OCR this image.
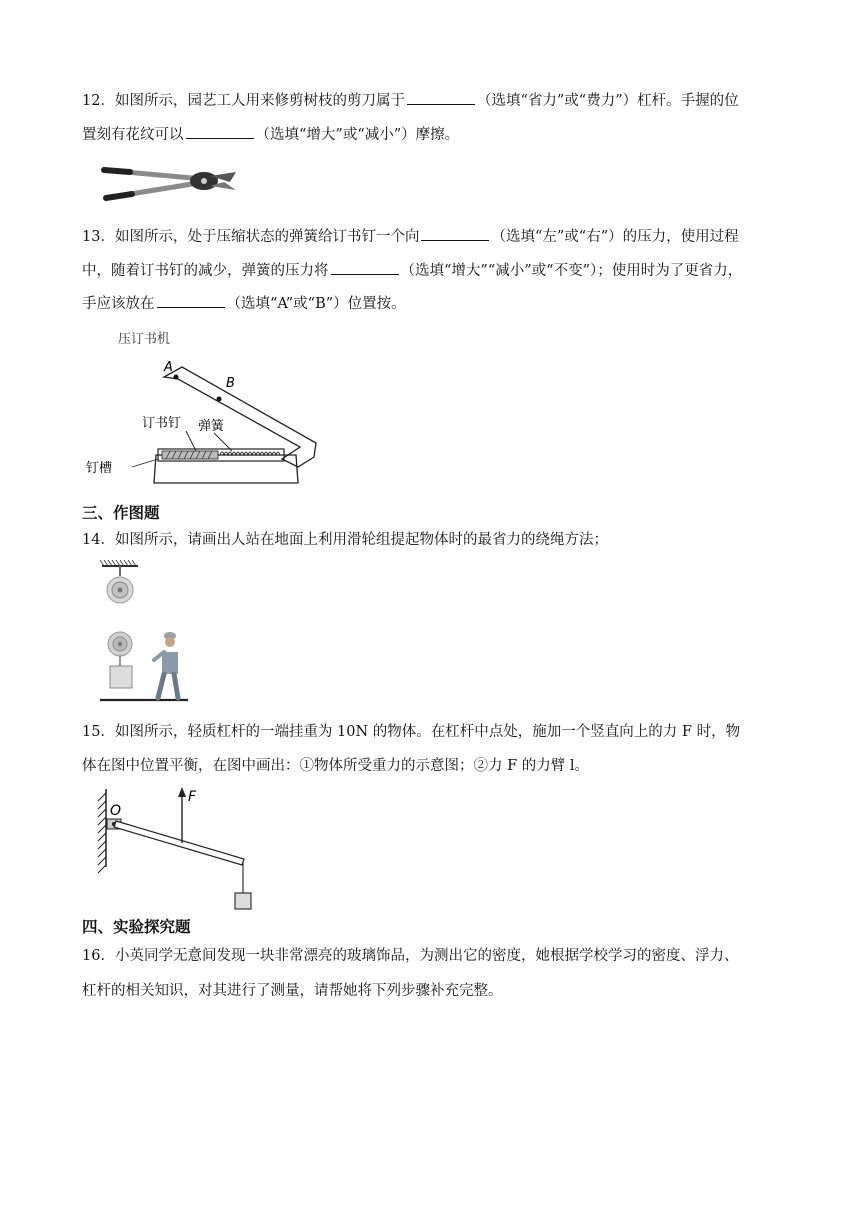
12．如图所示，园艺工人用来修剪树枝的剪刀属于	（选填“省力”或“费力”）杠杆。手握的位
置刻有花纹可以	（选填“增大”或“减小”）摩擦。
13．如图所示，处于压缩状态的弹簧给订书钉一个向	（选填“左”或“右”）的压力，使用过程
中，随着订书钉的减少，弹簧的压力将	（选填“增大”“减小”或“不变”）；使用时为了更省力，
手应该放在	（选填“A”或“B”）位置按。
压订书机
A
B
订书钉 弹簧
钉槽
三、作图题
14．如图所示，请画出人站在地面上利用滑轮组提起物体时的最省力的绕绳方法；
15．如图所示，轻质杠杆的一端挂重为 10N 的物体。在杠杆中点处，施加一个竖直向上的力 F 时，物
体在图中位置平衡，在图中画出：①物体所受重力的示意图；②力 F 的力臂 l。
O
F
四、实验探究题
16．小英同学无意间发现一块非常漂亮的玻璃饰品，为测出它的密度，她根据学校学习的密度、浮力、
杠杆的相关知识，对其进行了测量，请帮她将下列步骤补充完整。
